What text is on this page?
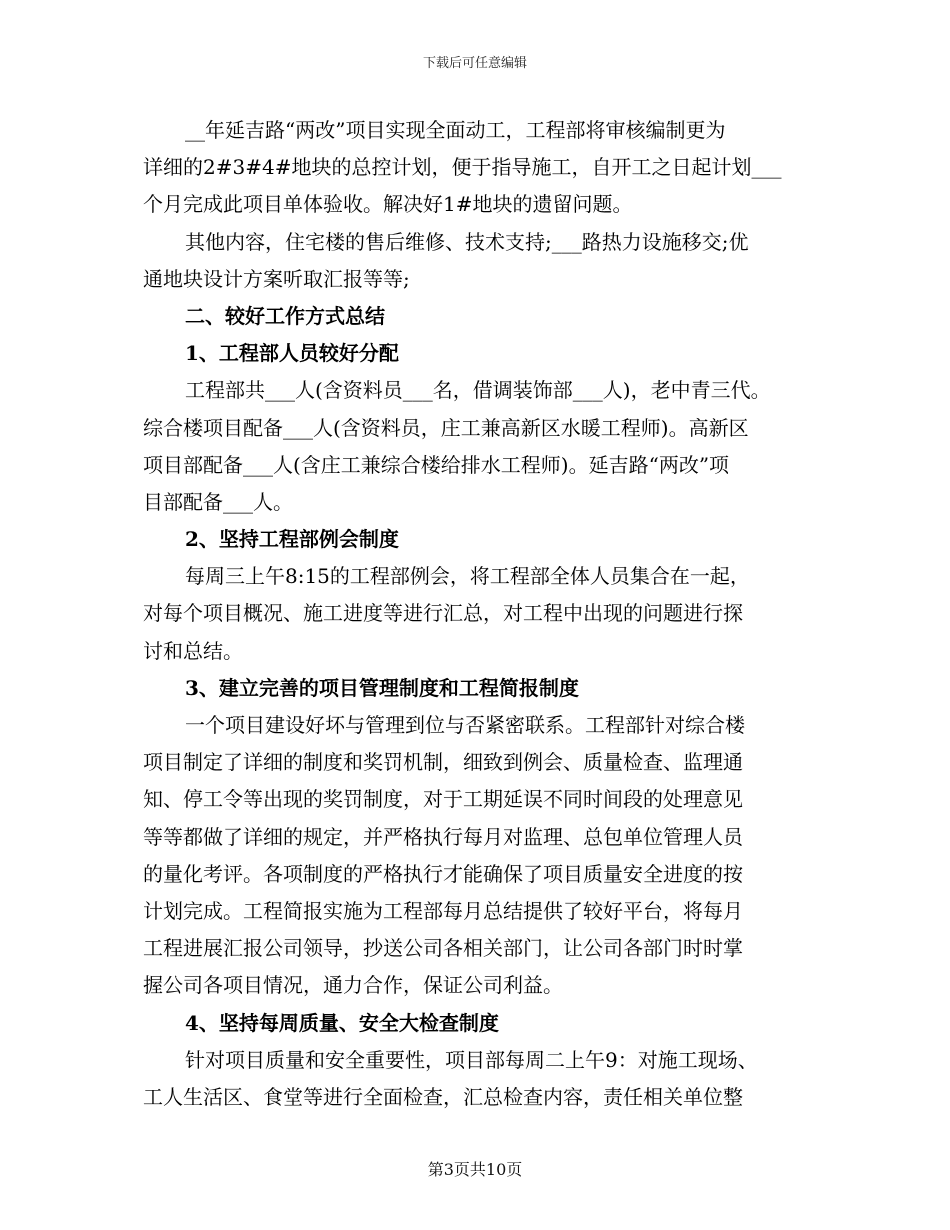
下载后可任意编辑
__年延吉路“两改”项目实现全面动工，工程部将审核编制更为
详细的2#3#4#地块的总控计划，便于指导施工，自开工之日起计划___
个月完成此项目单体验收。解决好1#地块的遗留问题。
其他内容，住宅楼的售后维修、技术支持;___路热力设施移交;优
通地块设计方案听取汇报等等;
二、较好工作方式总结
1、工程部人员较好分配
工程部共___人(含资料员___名，借调装饰部___人)，老中青三代。
综合楼项目配备___人(含资料员，庄工兼高新区水暖工程师)。高新区
项目部配备___人(含庄工兼综合楼给排水工程师)。延吉路“两改”项
目部配备___人。
2、坚持工程部例会制度
每周三上午8:15的工程部例会，将工程部全体人员集合在一起，
对每个项目概况、施工进度等进行汇总，对工程中出现的问题进行探
讨和总结。
3、建立完善的项目管理制度和工程简报制度
一个项目建设好坏与管理到位与否紧密联系。工程部针对综合楼
项目制定了详细的制度和奖罚机制，细致到例会、质量检查、监理通
知、停工令等出现的奖罚制度，对于工期延误不同时间段的处理意见
等等都做了详细的规定，并严格执行每月对监理、总包单位管理人员
的量化考评。各项制度的严格执行才能确保了项目质量安全进度的按
计划完成。工程简报实施为工程部每月总结提供了较好平台，将每月
工程进展汇报公司领导，抄送公司各相关部门，让公司各部门时时掌
握公司各项目情况，通力合作，保证公司利益。
4、坚持每周质量、安全大检查制度
针对项目质量和安全重要性，项目部每周二上午9：对施工现场、
工人生活区、食堂等进行全面检查，汇总检查内容，责任相关单位整
第3页共10页
